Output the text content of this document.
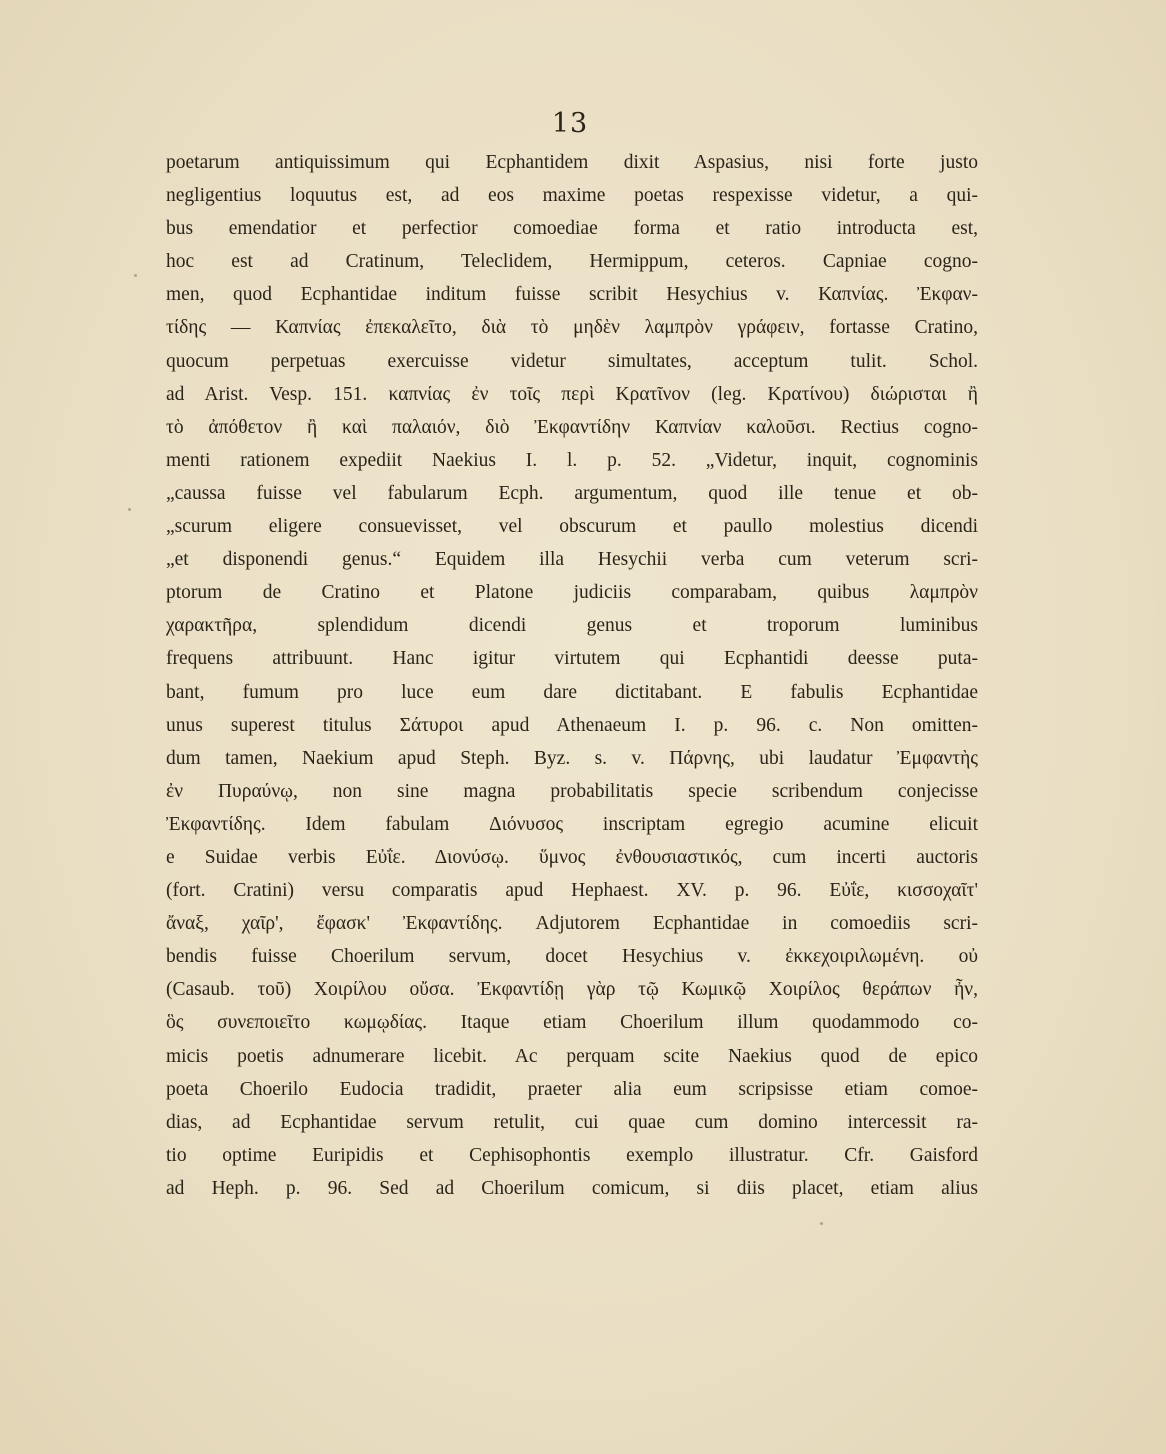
13
poetarum antiquissimum qui Ecphantidem dixit Aspasius, nisi forte justo
negligentius loquutus est, ad eos maxime poetas respexisse videtur, a qui-
bus emendatior et perfectior comoediae forma et ratio introducta est,
hoc est ad Cratinum, Teleclidem, Hermippum, ceteros. Capniae cogno-
men, quod Ecphantidae inditum fuisse scribit Hesychius v. Καπνίας. Ἐκφαν-
τίδης — Καπνίας ἐπεκαλεῖτο, διὰ τὸ μηδὲν λαμπρὸν γράφειν, fortasse Cratino,
quocum perpetuas exercuisse videtur simultates, acceptum tulit. Schol.
ad Arist. Vesp. 151. καπνίας ἐν τοῖς περὶ Κρατῖνον (leg. Κρατίνου) διώρισται ἢ
τὸ ἀπόθετον ἢ καὶ παλαιόν, διὸ Ἐκφαντίδην Καπνίαν καλοῦσι. Rectius cogno-
menti rationem expediit Naekius I. l. p. 52. „Videtur, inquit, cognominis
„caussa fuisse vel fabularum Ecph. argumentum, quod ille tenue et ob-
„scurum eligere consuevisset, vel obscurum et paullo molestius dicendi
„et disponendi genus.“ Equidem illa Hesychii verba cum veterum scri-
ptorum de Cratino et Platone judiciis comparabam, quibus λαμπρὸν
χαρακτῆρα, splendidum dicendi genus et troporum luminibus
frequens attribuunt. Hanc igitur virtutem qui Ecphantidi deesse puta-
bant, fumum pro luce eum dare dictitabant. E fabulis Ecphantidae
unus superest titulus Σάτυροι apud Athenaeum I. p. 96. c. Non omitten-
dum tamen, Naekium apud Steph. Byz. s. v. Πάρνης, ubi laudatur Ἐμφαντὴς
ἐν Πυραύνῳ, non sine magna probabilitatis specie scribendum conjecisse
Ἐκφαντίδης. Idem fabulam Διόνυσος inscriptam egregio acumine elicuit
e Suidae verbis Εὐΐε. Διονύσῳ. ὕμνος ἐνθουσιαστικός, cum incerti auctoris
(fort. Cratini) versu comparatis apud Hephaest. XV. p. 96. Εὐΐε, κισσοχαῖτ'
ἄναξ, χαῖρ', ἔφασκ' Ἐκφαντίδης. Adjutorem Ecphantidae in comoediis scri-
bendis fuisse Choerilum servum, docet Hesychius v. ἐκκεχοιριλωμένη. οὐ
(Casaub. τοῦ) Χοιρίλου οὔσα. Ἐκφαντίδῃ γὰρ τῷ Κωμικῷ Χοιρίλος θεράπων ἦν,
ὃς συνεποιεῖτο κωμῳδίας. Itaque etiam Choerilum illum quodammodo co-
micis poetis adnumerare licebit. Ac perquam scite Naekius quod de epico
poeta Choerilo Eudocia tradidit, praeter alia eum scripsisse etiam comoe-
dias, ad Ecphantidae servum retulit, cui quae cum domino intercessit ra-
tio optime Euripidis et Cephisophontis exemplo illustratur. Cfr. Gaisford
ad Heph. p. 96. Sed ad Choerilum comicum, si diis placet, etiam alius
